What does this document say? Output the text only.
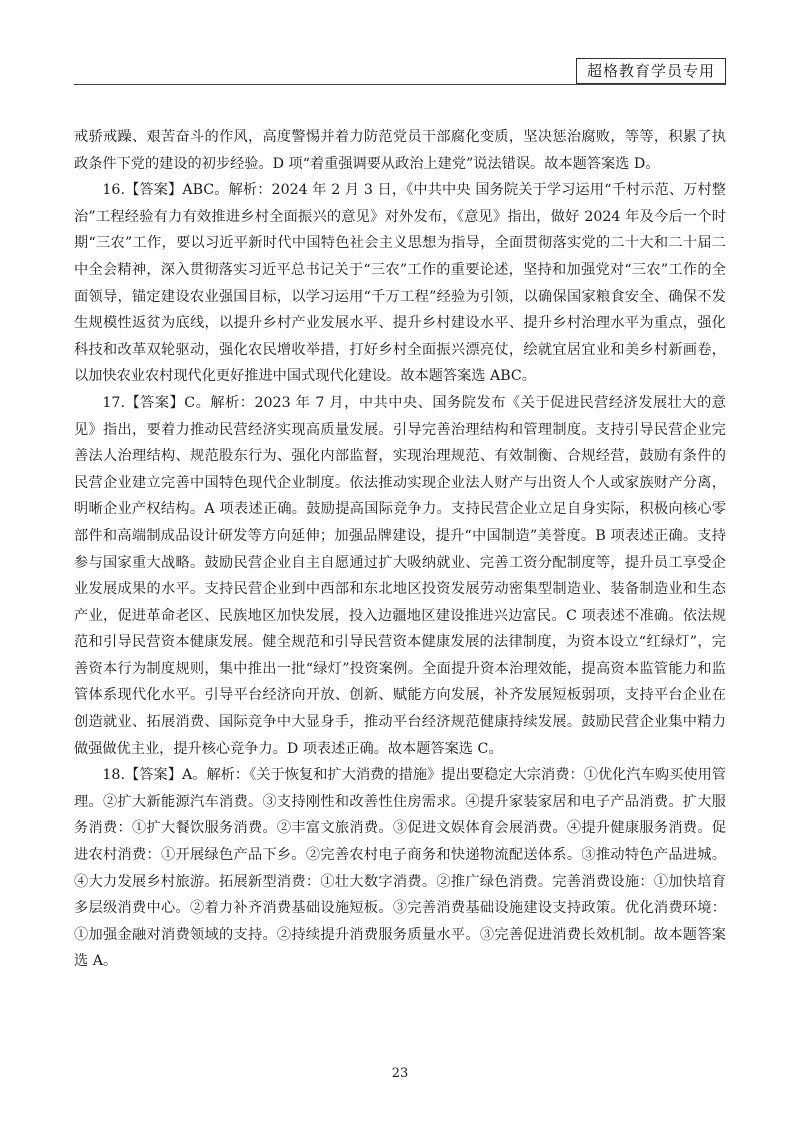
超格教育学员专用

戒骄戒躁、艰苦奋斗的作风，高度警惕并着力防范党员干部腐化变质，坚决惩治腐败，等等，积累了执政条件下党的建设的初步经验。D 项“着重强调要从政治上建党”说法错误。故本题答案选 D。

16.【答案】ABC。解析：2024 年 2 月 3 日，《中共中央 国务院关于学习运用“千村示范、万村整治”工程经验有力有效推进乡村全面振兴的意见》对外发布，《意见》指出，做好 2024 年及今后一个时期“三农”工作，要以习近平新时代中国特色社会主义思想为指导，全面贯彻落实党的二十大和二十届二中全会精神，深入贯彻落实习近平总书记关于“三农”工作的重要论述，坚持和加强党对“三农”工作的全面领导，锚定建设农业强国目标，以学习运用“千万工程”经验为引领，以确保国家粮食安全、确保不发生规模性返贫为底线，以提升乡村产业发展水平、提升乡村建设水平、提升乡村治理水平为重点，强化科技和改革双轮驱动，强化农民增收举措，打好乡村全面振兴漂亮仗，绘就宜居宜业和美乡村新画卷，以加快农业农村现代化更好推进中国式现代化建设。故本题答案选 ABC。

17.【答案】C。解析：2023 年 7 月，中共中央、国务院发布《关于促进民营经济发展壮大的意见》指出，要着力推动民营经济实现高质量发展。引导完善治理结构和管理制度。支持引导民营企业完善法人治理结构、规范股东行为、强化内部监督，实现治理规范、有效制衡、合规经营，鼓励有条件的民营企业建立完善中国特色现代企业制度。依法推动实现企业法人财产与出资人个人或家族财产分离，明晰企业产权结构。A 项表述正确。鼓励提高国际竞争力。支持民营企业立足自身实际，积极向核心零部件和高端制成品设计研发等方向延伸；加强品牌建设，提升“中国制造”美誉度。B 项表述正确。支持参与国家重大战略。鼓励民营企业自主自愿通过扩大吸纳就业、完善工资分配制度等，提升员工享受企业发展成果的水平。支持民营企业到中西部和东北地区投资发展劳动密集型制造业、装备制造业和生态产业，促进革命老区、民族地区加快发展，投入边疆地区建设推进兴边富民。C 项表述不准确。依法规范和引导民营资本健康发展。健全规范和引导民营资本健康发展的法律制度，为资本设立“红绿灯”，完善资本行为制度规则，集中推出一批“绿灯”投资案例。全面提升资本治理效能，提高资本监管能力和监管体系现代化水平。引导平台经济向开放、创新、赋能方向发展，补齐发展短板弱项，支持平台企业在创造就业、拓展消费、国际竞争中大显身手，推动平台经济规范健康持续发展。鼓励民营企业集中精力做强做优主业，提升核心竞争力。D 项表述正确。故本题答案选 C。

18.【答案】A。解析：《关于恢复和扩大消费的措施》提出要稳定大宗消费：①优化汽车购买使用管理。②扩大新能源汽车消费。③支持刚性和改善性住房需求。④提升家装家居和电子产品消费。扩大服务消费：①扩大餐饮服务消费。②丰富文旅消费。③促进文娱体育会展消费。④提升健康服务消费。促进农村消费：①开展绿色产品下乡。②完善农村电子商务和快递物流配送体系。③推动特色产品进城。④大力发展乡村旅游。拓展新型消费：①壮大数字消费。②推广绿色消费。完善消费设施：①加快培育多层级消费中心。②着力补齐消费基础设施短板。③完善消费基础设施建设支持政策。优化消费环境：①加强金融对消费领域的支持。②持续提升消费服务质量水平。③完善促进消费长效机制。故本题答案选 A。

23
